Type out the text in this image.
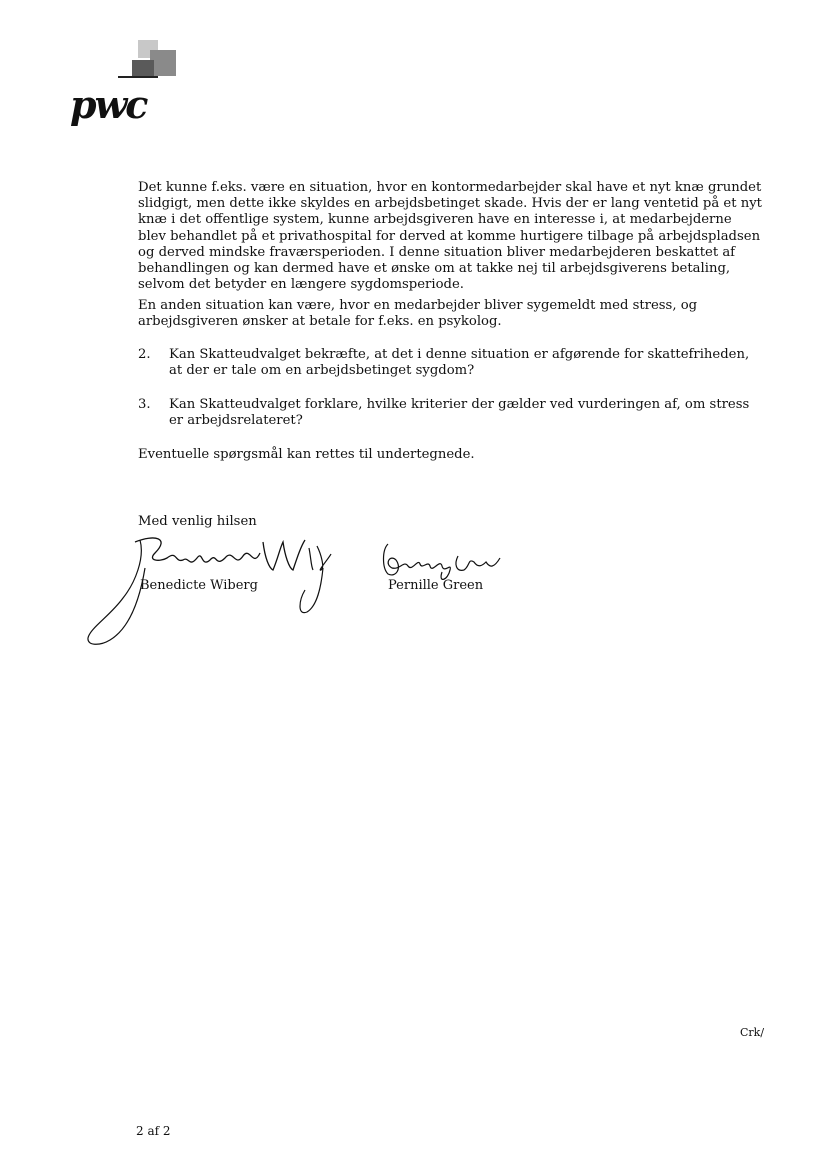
pwc
Det kunne f.eks. være en situation, hvor en kontormedarbejder skal have et nyt knæ grundet slidgigt, men dette ikke skyldes en arbejdsbetinget skade. Hvis der er lang ventetid på et nyt knæ i det offentlige system, kunne arbejdsgiveren have en interesse i, at medarbejderne blev behandlet på et privathospital for derved at komme hurtigere tilbage på arbejdspladsen og derved mindske fraværsperioden. I denne situation bliver medarbejderen beskattet af behandlingen og kan dermed have et ønske om at takke nej til arbejdsgiverens betaling, selvom det betyder en længere sygdomsperiode.
En anden situation kan være, hvor en medarbejder bliver sygemeldt med stress, og arbejdsgiveren ønsker at betale for f.eks. en psykolog.
2.	Kan Skatteudvalget bekræfte, at det i denne situation er afgørende for skattefriheden, at der er tale om en arbejdsbetinget sygdom?
3.	Kan Skatteudvalget forklare, hvilke kriterier der gælder ved vurderingen af, om stress er arbejdsrelateret?
Eventuelle spørgsmål kan rettes til undertegnede.
Med venlig hilsen
Benedicte Wiberg	Pernille Green
Crk/
2 af 2
